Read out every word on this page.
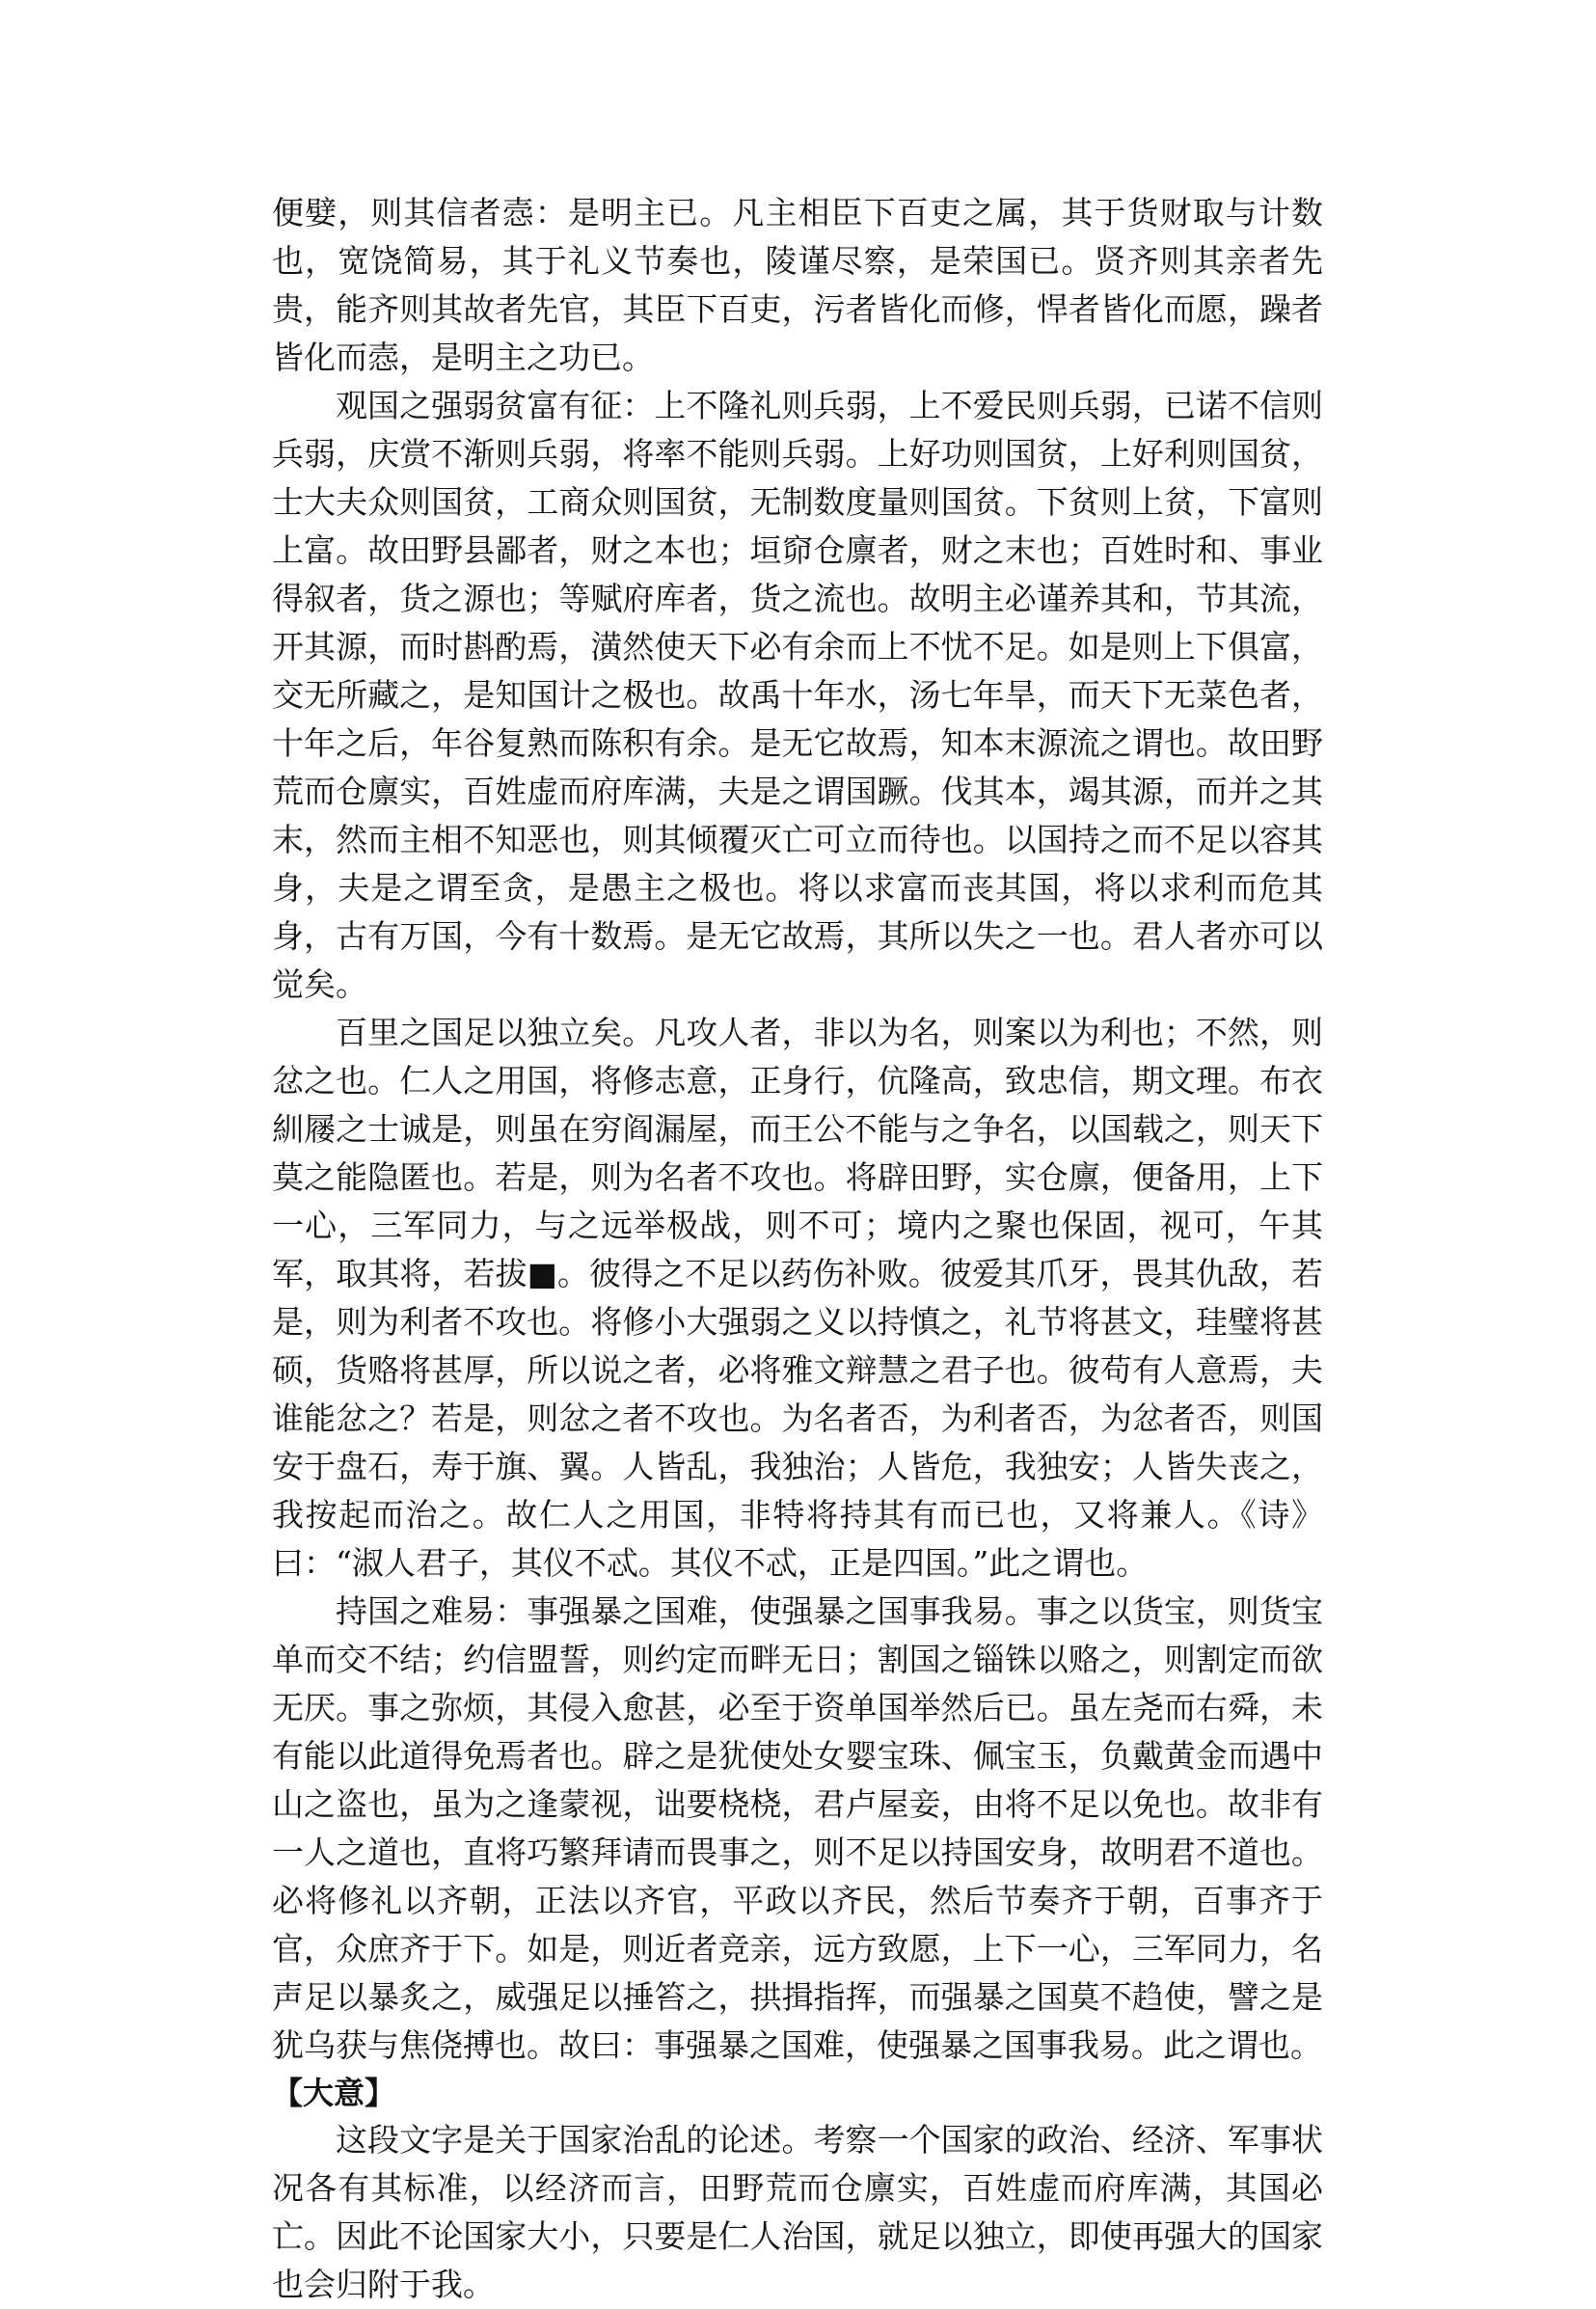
便嬖，则其信者悫：是明主已。凡主相臣下百吏之属，其于货财取与计数也，宽饶简易，其于礼义节奏也，陵谨尽察，是荣国已。贤齐则其亲者先贵，能齐则其故者先官，其臣下百吏，污者皆化而修，悍者皆化而愿，躁者皆化而悫，是明主之功已。

观国之强弱贫富有征：上不隆礼则兵弱，上不爱民则兵弱，已诺不信则兵弱，庆赏不渐则兵弱，将率不能则兵弱。上好功则国贫，上好利则国贫，士大夫众则国贫，工商众则国贫，无制数度量则国贫。下贫则上贫，下富则上富。故田野县鄙者，财之本也；垣窌仓廪者，财之末也；百姓时和、事业得叙者，货之源也；等赋府库者，货之流也。故明主必谨养其和，节其流，开其源，而时斟酌焉，潢然使天下必有余而上不忧不足。如是则上下俱富，交无所藏之，是知国计之极也。故禹十年水，汤七年旱，而天下无菜色者，十年之后，年谷复熟而陈积有余。是无它故焉，知本末源流之谓也。故田野荒而仓廪实，百姓虚而府库满，夫是之谓国蹶。伐其本，竭其源，而并之其末，然而主相不知恶也，则其倾覆灭亡可立而待也。以国持之而不足以容其身，夫是之谓至贪，是愚主之极也。将以求富而丧其国，将以求利而危其身，古有万国，今有十数焉。是无它故焉，其所以失之一也。君人者亦可以觉矣。

百里之国足以独立矣。凡攻人者，非以为名，则案以为利也；不然，则忿之也。仁人之用国，将修志意，正身行，伉隆高，致忠信，期文理。布衣紃屦之士诚是，则虽在穷阎漏屋，而王公不能与之争名，以国载之，则天下莫之能隐匿也。若是，则为名者不攻也。将辟田野，实仓廪，便备用，上下一心，三军同力，与之远举极战，则不可；境内之聚也保固，视可，午其军，取其将，若拔■。彼得之不足以药伤补败。彼爱其爪牙，畏其仇敌，若是，则为利者不攻也。将修小大强弱之义以持慎之，礼节将甚文，珪璧将甚硕，货赂将甚厚，所以说之者，必将雅文辩慧之君子也。彼苟有人意焉，夫谁能忿之？若是，则忿之者不攻也。为名者否，为利者否，为忿者否，则国安于盘石，寿于旗、翼。人皆乱，我独治；人皆危，我独安；人皆失丧之，我按起而治之。故仁人之用国，非特将持其有而已也，又将兼人。《诗》曰：“淑人君子，其仪不忒。其仪不忒，正是四国。”此之谓也。

持国之难易：事强暴之国难，使强暴之国事我易。事之以货宝，则货宝单而交不结；约信盟誓，则约定而畔无日；割国之锱铢以赂之，则割定而欲无厌。事之弥烦，其侵入愈甚，必至于资单国举然后已。虽左尧而右舜，未有能以此道得免焉者也。辟之是犹使处女婴宝珠、佩宝玉，负戴黄金而遇中山之盗也，虽为之逢蒙视，诎要桡桡，君卢屋妾，由将不足以免也。故非有一人之道也，直将巧繁拜请而畏事之，则不足以持国安身，故明君不道也。必将修礼以齐朝，正法以齐官，平政以齐民，然后节奏齐于朝，百事齐于官，众庶齐于下。如是，则近者竞亲，远方致愿，上下一心，三军同力，名声足以暴炙之，威强足以捶笞之，拱揖指挥，而强暴之国莫不趋使，譬之是犹乌获与焦侥搏也。故曰：事强暴之国难，使强暴之国事我易。此之谓也。

【大意】

这段文字是关于国家治乱的论述。考察一个国家的政治、经济、军事状况各有其标准，以经济而言，田野荒而仓廪实，百姓虚而府库满，其国必亡。因此不论国家大小，只要是仁人治国，就足以独立，即使再强大的国家也会归附于我。
